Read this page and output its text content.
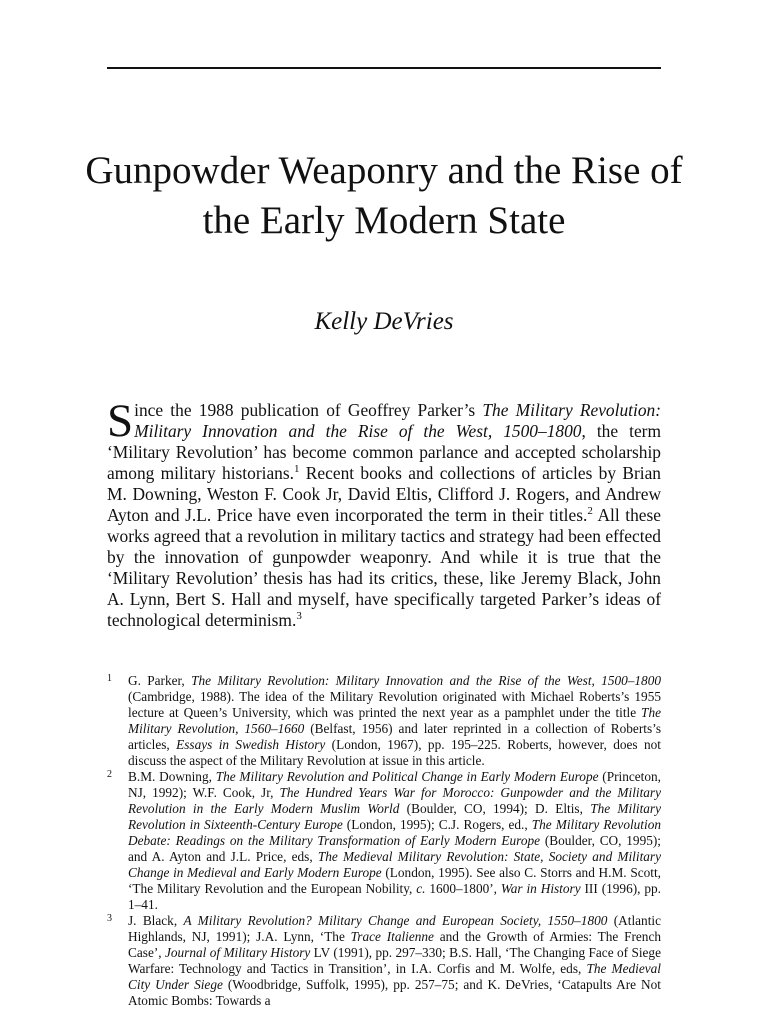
Gunpowder Weaponry and the Rise of the Early Modern State

Kelly DeVries

Since the 1988 publication of Geoffrey Parker’s The Military Revolution: Military Innovation and the Rise of the West, 1500–1800, the term ‘Military Revolution’ has become common parlance and accepted scholarship among military historians.$^1$ Recent books and collections of articles by Brian M. Downing, Weston F. Cook Jr, David Eltis, Clifford J. Rogers, and Andrew Ayton and J.L. Price have even incorporated the term in their titles.$^2$ All these works agreed that a revolution in military tactics and strategy had been effected by the innovation of gunpowder weaponry. And while it is true that the ‘Military Revolution’ thesis has had its critics, these, like Jeremy Black, John A. Lynn, Bert S. Hall and myself, have specifically targeted Parker’s ideas of technological determinism.$^3$

1 G. Parker, The Military Revolution: Military Innovation and the Rise of the West, 1500–1800 (Cambridge, 1988). The idea of the Military Revolution originated with Michael Roberts’s 1955 lecture at Queen’s University, which was printed the next year as a pamphlet under the title The Military Revolution, 1560–1660 (Belfast, 1956) and later reprinted in a collection of Roberts’s articles, Essays in Swedish History (London, 1967), pp. 195–225. Roberts, however, does not discuss the aspect of the Military Revolution at issue in this article.
2 B.M. Downing, The Military Revolution and Political Change in Early Modern Europe (Princeton, NJ, 1992); W.F. Cook, Jr, The Hundred Years War for Morocco: Gunpowder and the Military Revolution in the Early Modern Muslim World (Boulder, CO, 1994); D. Eltis, The Military Revolution in Sixteenth-Century Europe (London, 1995); C.J. Rogers, ed., The Military Revolution Debate: Readings on the Military Transformation of Early Modern Europe (Boulder, CO, 1995); and A. Ayton and J.L. Price, eds, The Medieval Military Revolution: State, Society and Military Change in Medieval and Early Modern Europe (London, 1995). See also C. Storrs and H.M. Scott, ‘The Military Revolution and the European Nobility, c. 1600–1800’, War in History III (1996), pp. 1–41.
3 J. Black, A Military Revolution? Military Change and European Society, 1550–1800 (Atlantic Highlands, NJ, 1991); J.A. Lynn, ‘The Trace Italienne and the Growth of Armies: The French Case’, Journal of Military History LV (1991), pp. 297–330; B.S. Hall, ‘The Changing Face of Siege Warfare: Technology and Tactics in Transition’, in I.A. Corfis and M. Wolfe, eds, The Medieval City Under Siege (Woodbridge, Suffolk, 1995), pp. 257–75; and K. DeVries, ‘Catapults Are Not Atomic Bombs: Towards a
